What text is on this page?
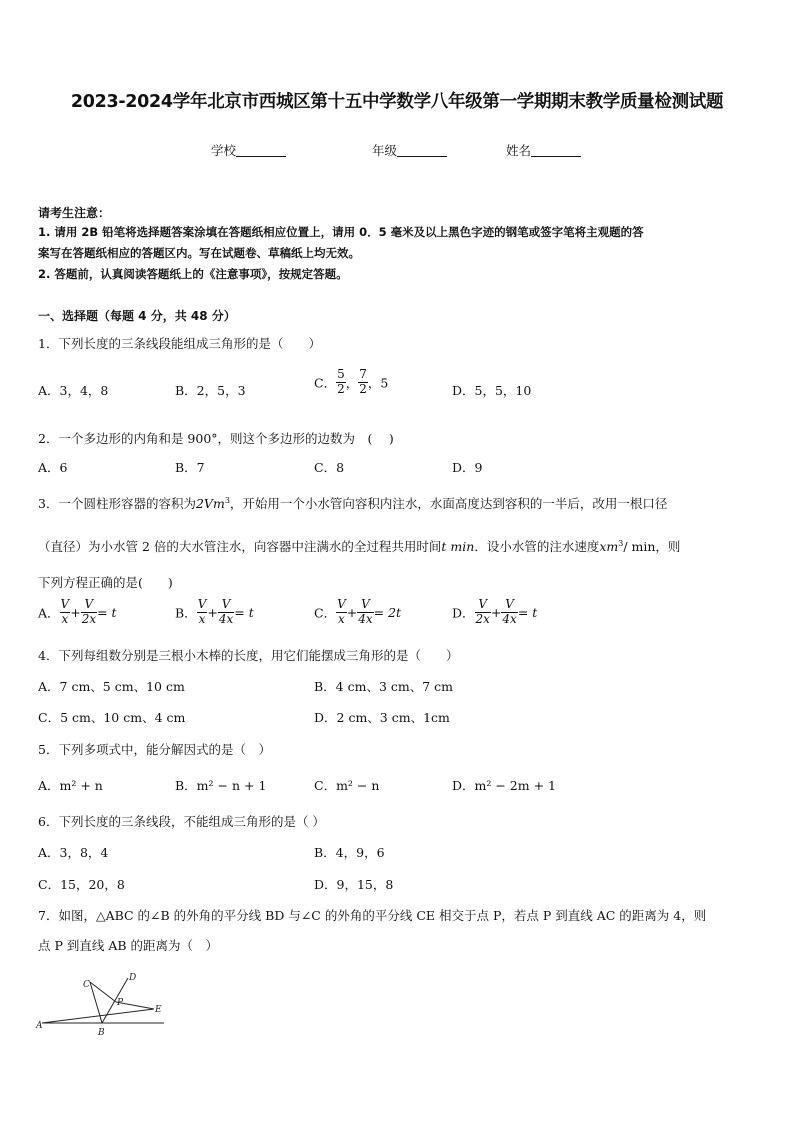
2023-2024学年北京市西城区第十五中学数学八年级第一学期期末教学质量检测试题
学校	年级	姓名
请考生注意：
1. 请用 2B 铅笔将选择题答案涂填在答题纸相应位置上，请用 0．5 毫米及以上黑色字迹的钢笔或签字笔将主观题的答
案写在答题纸相应的答题区内。写在试题卷、草稿纸上均无效。
2. 答题前，认真阅读答题纸上的《注意事项》，按规定答题。
一、选择题（每题 4 分，共 48 分）
1．下列长度的三条线段能组成三角形的是（　　）
A．3，4，8	B．2，5，3
C． $\frac{5}{2}$ ， $\frac{7}{2}$ ，5
D．5，5，10
2．一个多边形的内角和是 900°，则这个多边形的边数为　(　 )
A．6	B．7	C．8	D．9
3．一个圆柱形容器的容积为2Vm$^3$，开始用一个小水管向容积内注水，水面高度达到容积的一半后，改用一根口径
（直径）为小水管 2 倍的大水管注水，向容器中注满水的全过程共用时间t min．设小水管的注水速度$xm^3/$ min，则
下列方程正确的是(　　)
A． $\frac{V}{x} + \frac{V}{2x} = t$	B． $\frac{V}{x} + \frac{V}{4x} = t$	C． $\frac{V}{x} + \frac{V}{4x} = 2t$	D． $\frac{V}{2x} + \frac{V}{4x} = t$
4．下列每组数分别是三根小木棒的长度，用它们能摆成三角形的是（　　）
A．7 cm、5 cm、10 cm	B．4 cm、3 cm、7 cm
C．5 cm、10 cm、4 cm	D．2 cm、3 cm、1cm
5．下列多项式中，能分解因式的是（　）
A．m² + n	B．m² − n + 1	C．m² − n	D．m² − 2m + 1
6．下列长度的三条线段，不能组成三角形的是（ ）
A．3，8，4	B．4，9，6
C．15，20，8	D．9，15，8
7．如图，△ABC 的∠B 的外角的平分线 BD 与∠C 的外角的平分线 CE 相交于点 P，若点 P 到直线 AC 的距离为 4，则
点 P 到直线 AB 的距离为（　）
A
B
C
D
E
P
